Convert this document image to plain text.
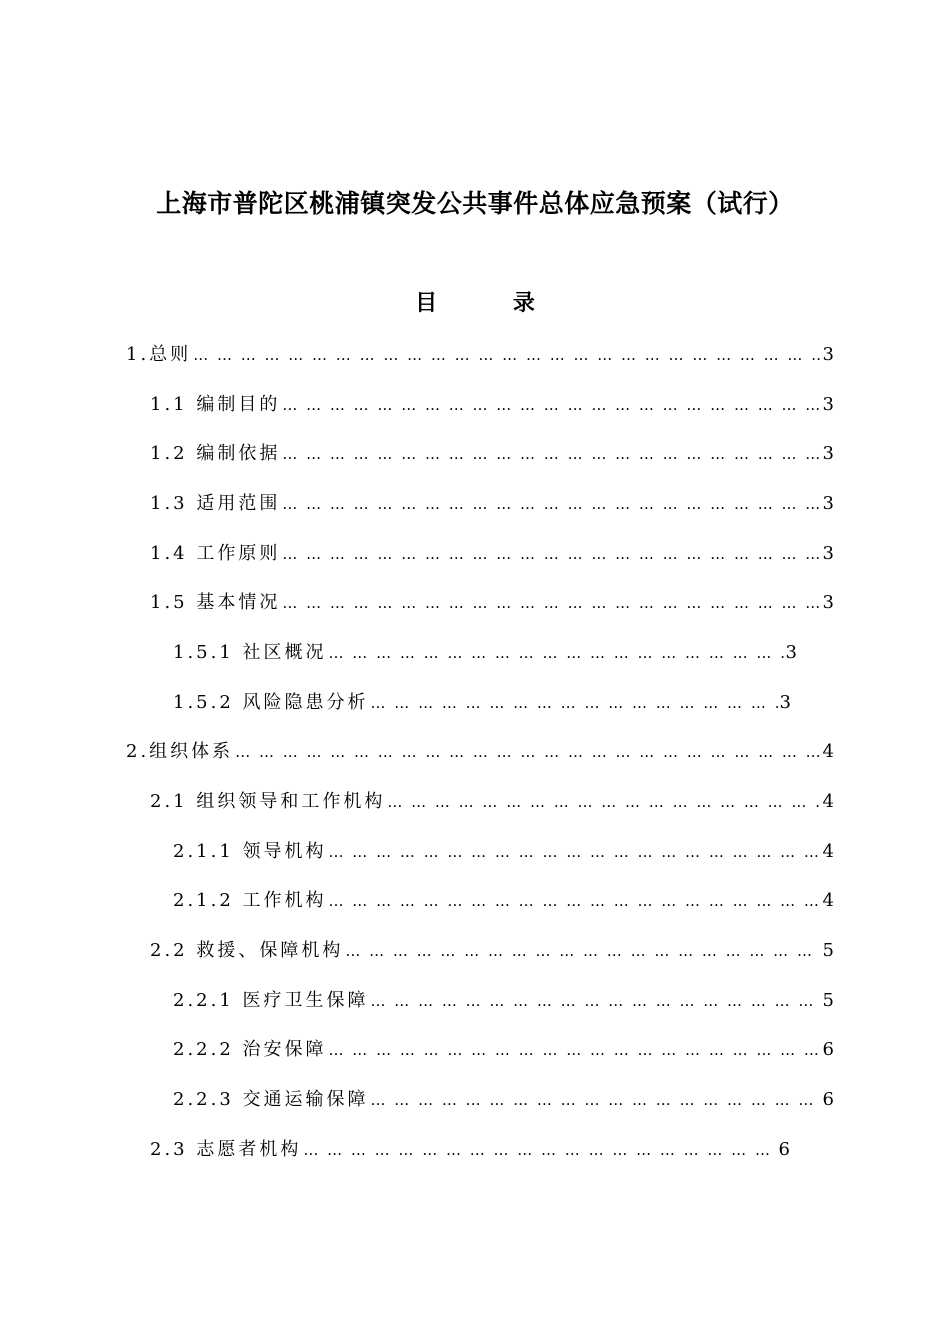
上海市普陀区桃浦镇突发公共事件总体应急预案（试行）
目 录
1.总则 … … … … … … … … … … … … … … … … … … … … … … … … … … … … … … … … … … … … … … … … … … … … … … … … … … … … … … … …	3
1.1 编制目的 … … … … … … … … … … … … … … … … … … … … … … … … … … … … … … … … … … … … … … … … … … … … … … … … … … … … … … … …	3
1.2 编制依据 … … … … … … … … … … … … … … … … … … … … … … … … … … … … … … … … … … … … … … … … … … … … … … … … … … … … … … … …	3
1.3 适用范围 … … … … … … … … … … … … … … … … … … … … … … … … … … … … … … … … … … … … … … … … … … … … … … … … … … … … … … … …	3
1.4 工作原则 … … … … … … … … … … … … … … … … … … … … … … … … … … … … … … … … … … … … … … … … … … … … … … … … … … … … … … … …	3
1.5 基本情况 … … … … … … … … … … … … … … … … … … … … … … … … … … … … … … … … … … … … … … … … … … … … … … … … … … … … … … … …	3
1.5.1 社区概况 … … … … … … … … … … … … … … … … … … … … … … … … … … … … … … … … … … … … … … … … … … … … … … … … … … … … … … … …	3
1.5.2 风险隐患分析 … … … … … … … … … … … … … … … … … … … … … … … … … … … … … … … … … … … … … … … … … … … … … … … … … … … … … … … …	3
2.组织体系 … … … … … … … … … … … … … … … … … … … … … … … … … … … … … … … … … … … … … … … … … … … … … … … … … … … … … … … …	4
2.1 组织领导和工作机构 … … … … … … … … … … … … … … … … … … … … … … … … … … … … … … … … … … … … … … … … … … … … … … … … … … … … … … … …	4
2.1.1 领导机构 … … … … … … … … … … … … … … … … … … … … … … … … … … … … … … … … … … … … … … … … … … … … … … … … … … … … … … … …	4
2.1.2 工作机构 … … … … … … … … … … … … … … … … … … … … … … … … … … … … … … … … … … … … … … … … … … … … … … … … … … … … … … … …	4
2.2 救援、保障机构 … … … … … … … … … … … … … … … … … … … … … … … … … … … … … … … … … … … … … … … … … … … … … … … … … … … … … … … …	5
2.2.1 医疗卫生保障 … … … … … … … … … … … … … … … … … … … … … … … … … … … … … … … … … … … … … … … … … … … … … … … … … … … … … … … …	5
2.2.2 治安保障 … … … … … … … … … … … … … … … … … … … … … … … … … … … … … … … … … … … … … … … … … … … … … … … … … … … … … … … …	6
2.2.3 交通运输保障 … … … … … … … … … … … … … … … … … … … … … … … … … … … … … … … … … … … … … … … … … … … … … … … … … … … … … … … …	6
2.3 志愿者机构 … … … … … … … … … … … … … … … … … … … … … … … … … … … … … … … … … … … … … … … … … … … … … … … … … … … … … … … …	6
